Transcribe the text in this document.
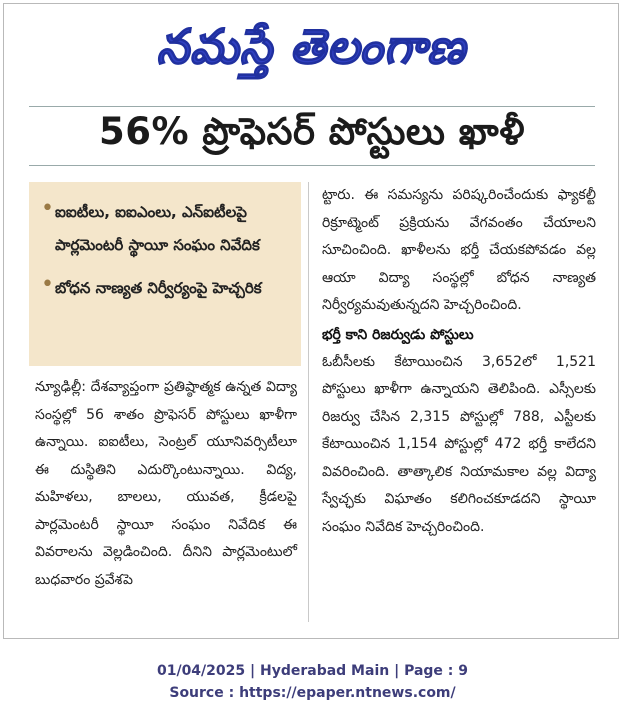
నమస్తే తెలంగాణ
56% ప్రొఫెసర్ పోస్టులు ఖాళీ
• ఐఐటీలు, ఐఐఎంలు, ఎన్ఐటీలపై పార్లమెంటరీ స్థాయీ సంఘం నివేదిక
• బోధన నాణ్యత నిర్వీర్యంపై హెచ్చరిక
న్యూఢిల్లీ: దేశవ్యాప్తంగా ప్రతిష్ఠాత్మక ఉన్నత విద్యా సంస్థల్లో 56 శాతం ప్రొఫెసర్ పోస్టులు ఖాళీగా ఉన్నాయి. ఐఐటీలు, సెంట్రల్ యూనివర్సిటీలూ ఈ దుస్థితిని ఎదుర్కొంటున్నాయి. విద్య, మహిళలు, బాలలు, యువత, క్రీడలపై పార్లమెంటరీ స్థాయీ సంఘం నివేదిక ఈ వివరాలను వెల్లడించింది. దీనిని పార్లమెంటులో బుధవారం ప్రవేశపె
ట్టారు. ఈ సమస్యను పరిష్కరించేందుకు ఫ్యాకల్టీ రిక్రూట్మెంట్ ప్రక్రియను వేగవంతం చేయాలని సూచించింది. ఖాళీలను భర్తీ చేయకపోవడం వల్ల ఆయా విద్యా సంస్థల్లో బోధన నాణ్యత నిర్వీర్యమవుతున్నదని హెచ్చరించింది.
భర్తీ కాని రిజర్వుడు పోస్టులు
ఓబీసీలకు కేటాయించిన 3,652లో 1,521 పోస్టులు ఖాళీగా ఉన్నాయని తెలిపింది. ఎస్సీలకు రిజర్వు చేసిన 2,315 పోస్టుల్లో 788, ఎస్టీలకు కేటాయించిన 1,154 పోస్టుల్లో 472 భర్తీ కాలేదని వివరించింది. తాత్కాలిక నియామకాల వల్ల విద్యా స్వేచ్ఛకు విఘాతం కలిగించకూడదని స్థాయీ సంఘం నివేదిక హెచ్చరించింది.
01/04/2025 | Hyderabad Main | Page : 9
Source : https://epaper.ntnews.com/
